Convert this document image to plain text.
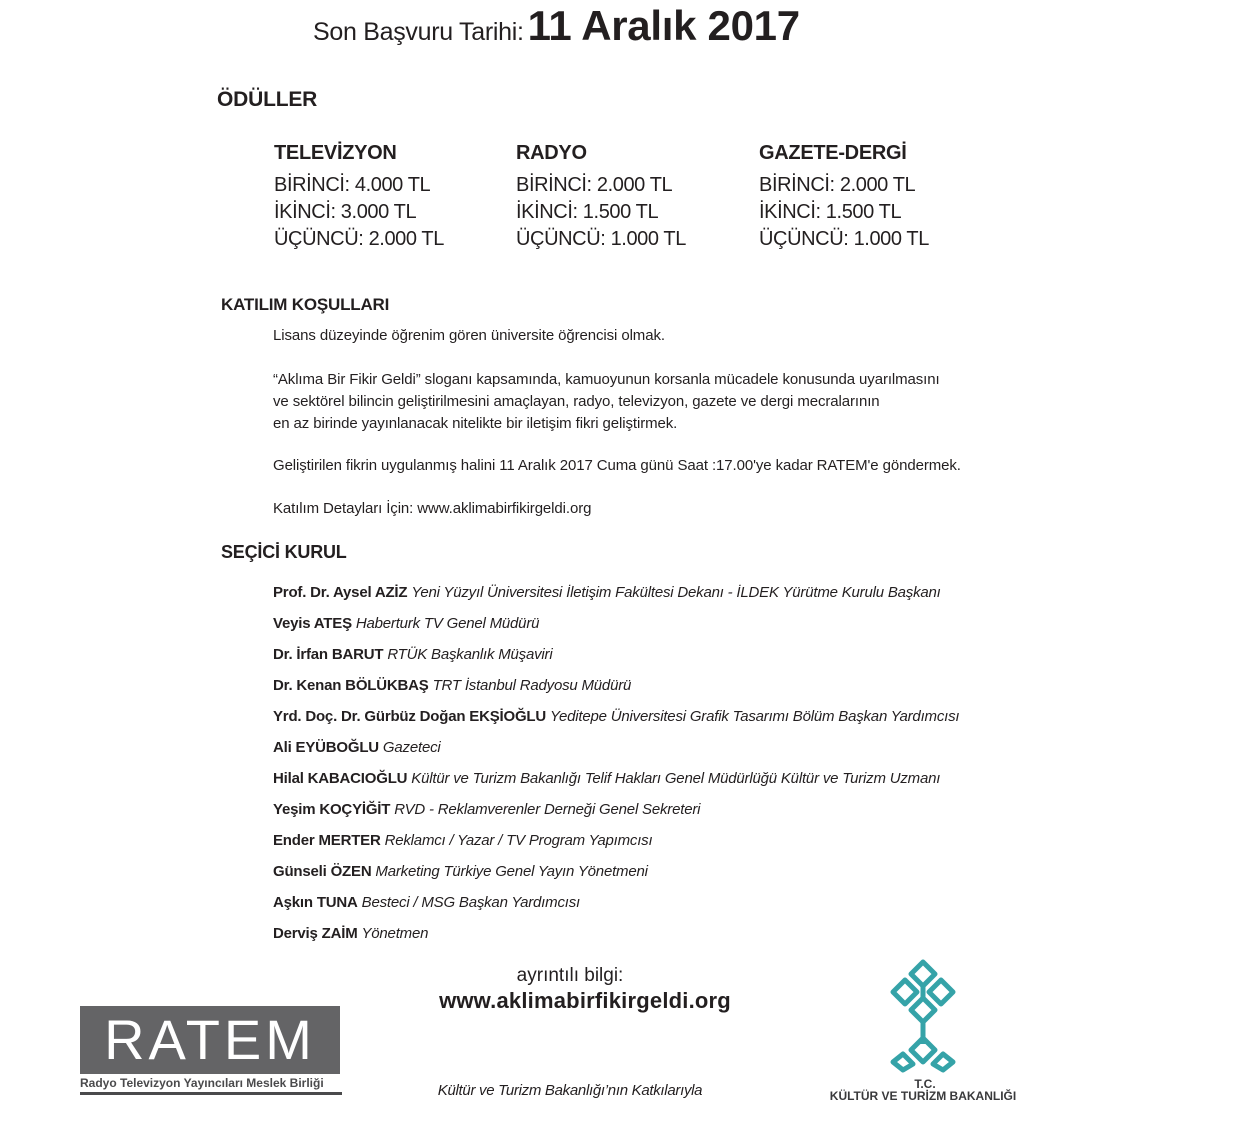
Son Başvuru Tarihi: 11 Aralık 2017
ÖDÜLLER
TELEVİZYON
BİRİNCİ: 4.000 TL
İKİNCİ: 3.000 TL
ÜÇÜNCÜ: 2.000 TL
RADYO
BİRİNCİ: 2.000 TL
İKİNCİ: 1.500 TL
ÜÇÜNCÜ: 1.000 TL
GAZETE-DERGİ
BİRİNCİ: 2.000 TL
İKİNCİ: 1.500 TL
ÜÇÜNCÜ: 1.000 TL
KATILIM KOŞULLARI
Lisans düzeyinde öğrenim gören üniversite öğrencisi olmak.
“Aklıma Bir Fikir Geldi” sloganı kapsamında, kamuoyunun korsanla mücadele konusunda uyarılmasını
ve sektörel bilincin geliştirilmesini amaçlayan, radyo, televizyon, gazete ve dergi mecralarının
en az birinde yayınlanacak nitelikte bir iletişim fikri geliştirmek.
Geliştirilen fikrin uygulanmış halini 11 Aralık 2017 Cuma günü Saat :17.00'ye kadar RATEM'e göndermek.
Katılım Detayları İçin: www.aklimabirfikirgeldi.org
SEÇİCİ KURUL
Prof. Dr. Aysel AZİZ Yeni Yüzyıl Üniversitesi İletişim Fakültesi Dekanı - İLDEK Yürütme Kurulu Başkanı
Veyis ATEŞ Haberturk TV Genel Müdürü
Dr. İrfan BARUT RTÜK Başkanlık Müşaviri
Dr. Kenan BÖLÜKBAŞ TRT İstanbul Radyosu Müdürü
Yrd. Doç. Dr. Gürbüz Doğan EKŞİOĞLU Yeditepe Üniversitesi Grafik Tasarımı Bölüm Başkan Yardımcısı
Ali EYÜBOĞLU Gazeteci
Hilal KABACIOĞLU Kültür ve Turizm Bakanlığı Telif Hakları Genel Müdürlüğü Kültür ve Turizm Uzmanı
Yeşim KOÇYİĞİT RVD - Reklamverenler Derneği Genel Sekreteri
Ender MERTER Reklamcı / Yazar / TV Program Yapımcısı
Günseli ÖZEN Marketing Türkiye Genel Yayın Yönetmeni
Aşkın TUNA Besteci / MSG Başkan Yardımcısı
Derviş ZAİM Yönetmen
ayrıntılı bilgi:
www.aklimabirfikirgeldi.org
Kültür ve Turizm Bakanlığı’nın Katkılarıyla
RATEM
Radyo Televizyon Yayıncıları Meslek Birliği	T.C.
KÜLTÜR VE TURİZM BAKANLIĞI
